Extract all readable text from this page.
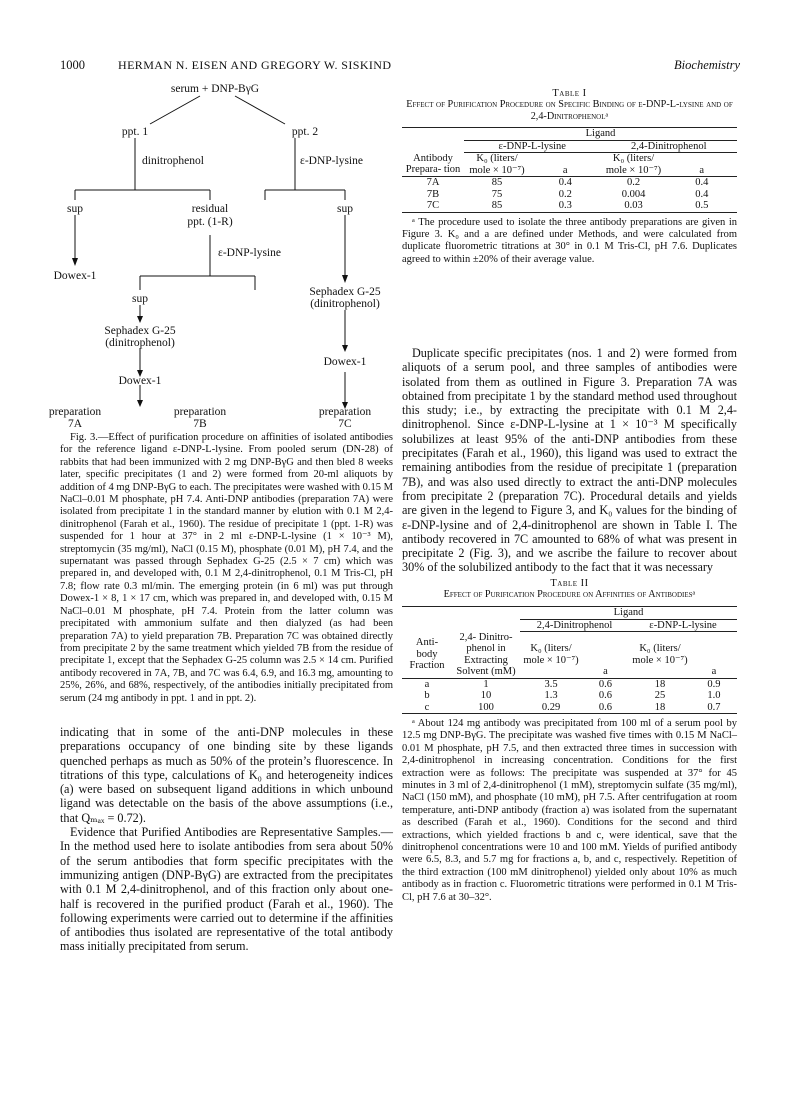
1000	HERMAN N. EISEN AND GREGORY W. SISKIND	Biochemistry
serum + DNP-BγG
ppt. 1	ppt. 2
dinitrophenol	ε-DNP-lysine
sup	residual
ppt. (1-R)
sup
Dowex-1
ε-DNP-lysine
sup
Sephadex G-25
(dinitrophenol)
Sephadex G-25
(dinitrophenol)
Dowex-1
Dowex-1
preparation
7A
preparation
7B
preparation
7C

Fig. 3.—Effect of purification procedure on affinities of isolated antibodies for the reference ligand ε-DNP-L-lysine. From pooled serum (DN-28) of rabbits that had been immunized with 2 mg DNP-BγG and then bled 8 weeks later, specific precipitates (1 and 2) were formed from 20-ml aliquots by addition of 4 mg DNP-BγG to each. The precipitates were washed with 0.15 M NaCl–0.01 M phosphate, pH 7.4. Anti-DNP antibodies (preparation 7A) were isolated from precipitate 1 in the standard manner by elution with 0.1 M 2,4-dinitrophenol (Farah et al., 1960). The residue of precipitate 1 (ppt. 1-R) was suspended for 1 hour at 37° in 2 ml ε-DNP-L-lysine (1 × 10⁻³ M), streptomycin (35 mg/ml), NaCl (0.15 M), phosphate (0.01 M), pH 7.4, and the supernatant was passed through Sephadex G-25 (2.5 × 7 cm) which was prepared in, and developed with, 0.1 M 2,4-dinitrophenol, 0.1 M Tris-Cl, pH 7.8; flow rate 0.3 ml/min. The emerging protein (in 6 ml) was put through Dowex-1 × 8, 1 × 17 cm, which was prepared in, and developed with, 0.15 M NaCl–0.01 M phosphate, pH 7.4. Protein from the latter column was precipitated with ammonium sulfate and then dialyzed (as had been preparation 7A) to yield preparation 7B. Preparation 7C was obtained directly from precipitate 2 by the same treatment which yielded 7B from the residue of precipitate 1, except that the Sephadex G-25 column was 2.5 × 14 cm. Purified antibody recovered in 7A, 7B, and 7C was 6.4, 6.9, and 16.3 mg, amounting to 25%, 26%, and 68%, respectively, of the antibodies initially precipitated from serum (24 mg antibody in ppt. 1 and in ppt. 2).

indicating that in some of the anti-DNP molecules in these preparations occupancy of one binding site by these ligands quenched perhaps as much as 50% of the protein’s fluorescence. In titrations of this type, calculations of K₀ and heterogeneity indices (a) were based on subsequent ligand additions in which unbound ligand was detectable on the basis of the above assumptions (i.e., that Qₘₐₓ = 0.72).

Evidence that Purified Antibodies are Representative Samples.—In the method used here to isolate antibodies from sera about 50% of the serum antibodies that form specific precipitates with the immunizing antigen (DNP-BγG) are extracted from the precipitates with 0.1 M 2,4-dinitrophenol, and of this fraction only about one-half is recovered in the purified product (Farah et al., 1960). The following experiments were carried out to determine if the affinities of antibodies thus isolated are representative of the total antibody mass initially precipitated from serum.

Table I
Effect of Purification Procedure on Specific Binding of ε-DNP-L-lysine and of 2,4-Dinitrophenolᵃ
	Ligand			
	ε-DNP-L-lysine		2,4-Dinitrophenol	
Antibody Prepara- tion	K₀ (liters/ mole × 10⁻⁷)	a	K₀ (liters/ mole × 10⁻⁷)	a
7A	85	0.4	0.2	0.4
7B	75	0.2	0.004	0.4
7C	85	0.3	0.03	0.5

ᵃ The procedure used to isolate the three antibody preparations are given in Figure 3. K₀ and a are defined under Methods, and were calculated from duplicate fluorometric titrations at 30° in 0.1 M Tris-Cl, pH 7.6. Duplicates agreed to within ±20% of their average value.

Duplicate specific precipitates (nos. 1 and 2) were formed from aliquots of a serum pool, and three samples of antibodies were isolated from them as outlined in Figure 3. Preparation 7A was obtained from precipitate 1 by the standard method used throughout this study; i.e., by extracting the precipitate with 0.1 M 2,4-dinitrophenol. Since ε-DNP-L-lysine at 1 × 10⁻³ M specifically solubilizes at least 95% of the anti-DNP antibodies from these precipitates (Farah et al., 1960), this ligand was used to extract the remaining antibodies from the residue of precipitate 1 (preparation 7B), and was also used directly to extract the anti-DNP molecules from precipitate 2 (preparation 7C). Procedural details and yields are given in the legend to Figure 3, and K₀ values for the binding of ε-DNP-lysine and of 2,4-dinitrophenol are shown in Table I. The antibody recovered in 7C amounted to 68% of what was present in precipitate 2 (Fig. 3), and we ascribe the failure to recover about 30% of the solubilized antibody to the fact that it was necessary

Table II
Effect of Purification Procedure on Affinities of Antibodiesᵃ
		Ligand			
		2,4-Dinitrophenol		ε-DNP-L-lysine	
Anti- body Fraction	2,4- Dinitro- phenol in Extracting Solvent (mM)	K₀ (liters/ mole × 10⁻⁷)	a	K₀ (liters/ mole × 10⁻⁷)	a
a	1	3.5	0.6	18	0.9
b	10	1.3	0.6	25	1.0
c	100	0.29	0.6	18	0.7

ᵃ About 124 mg antibody was precipitated from 100 ml of a serum pool by 12.5 mg DNP-BγG. The precipitate was washed five times with 0.15 M NaCl–0.01 M phosphate, pH 7.5, and then extracted three times in succession with 2,4-dinitrophenol in increasing concentration. Conditions for the first extraction were as follows: The precipitate was suspended at 37° for 45 minutes in 3 ml of 2,4-dinitrophenol (1 mM), streptomycin sulfate (35 mg/ml), NaCl (150 mM), and phosphate (10 mM), pH 7.5. After centrifugation at room temperature, anti-DNP antibody (fraction a) was isolated from the supernatant as described (Farah et al., 1960). Conditions for the second and third extractions, which yielded fractions b and c, were identical, save that the dinitrophenol concentrations were 10 and 100 mM. Yields of purified antibody were 6.5, 8.3, and 5.7 mg for fractions a, b, and c, respectively. Repetition of the third extraction (100 mM dinitrophenol) yielded only about 10% as much antibody as in fraction c. Fluorometric titrations were performed in 0.1 M Tris-Cl, pH 7.6 at 30–32°.
